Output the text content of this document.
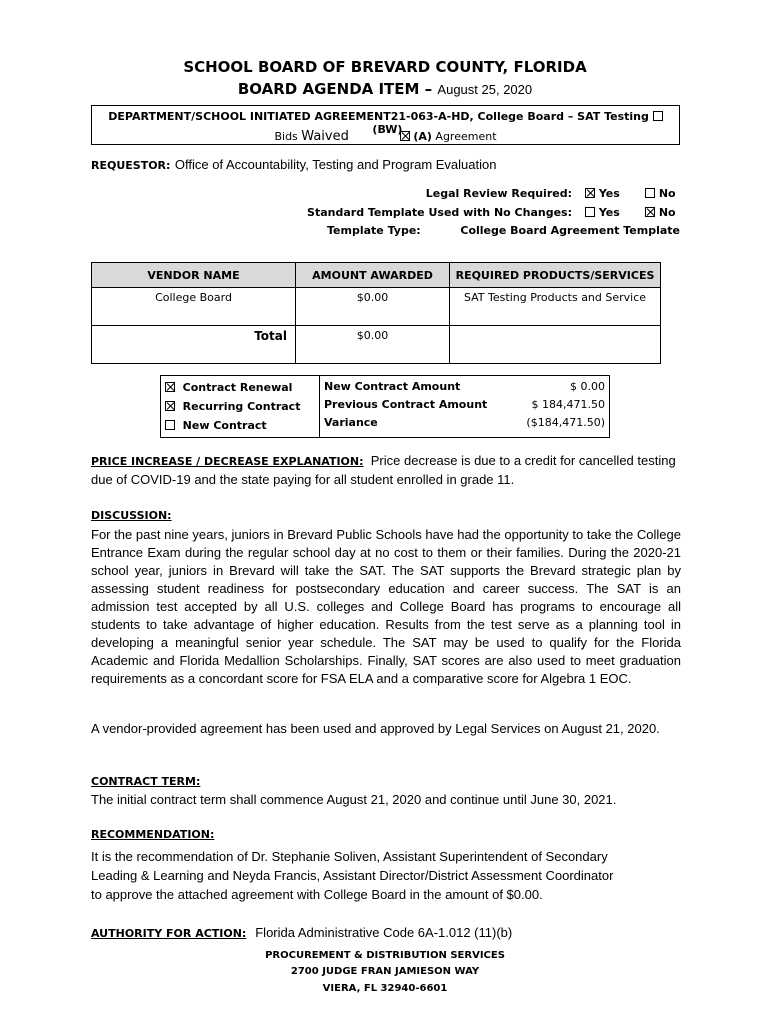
SCHOOL BOARD OF BREVARD COUNTY, FLORIDA
BOARD AGENDA ITEM – August 25, 2020
DEPARTMENT/SCHOOL INITIATED AGREEMENT21-063-A-HD, College Board – SAT Testing   (BW)
Bids Waived	(A) Agreement
REQUESTOR: Office of Accountability, Testing and Program Evaluation
Legal Review Required:	Yes	No
Standard Template Used with No Changes:	Yes	No
Template Type:	College Board Agreement Template
VENDOR NAME	AMOUNT AWARDED	REQUIRED PRODUCTS/SERVICES
College Board	$0.00	SAT Testing Products and Service
Total	$0.00	
Contract Renewal
Recurring Contract
New Contract

New Contract Amount	$ 0.00
Previous Contract Amount	$ 184,471.50
Variance	($184,471.50)
PRICE INCREASE / DECREASE EXPLANATION: Price decrease is due to a credit for cancelled testing
due of COVID-19 and the state paying for all student enrolled in grade 11.
DISCUSSION:
For the past nine years, juniors in Brevard Public Schools have had the opportunity to take the College Entrance Exam during the regular school day at no cost to them or their families. During the 2020-21 school year, juniors in Brevard will take the SAT. The SAT supports the Brevard strategic plan by assessing student readiness for postsecondary education and career success. The SAT is an admission test accepted by all U.S. colleges and College Board has programs to encourage all students to take advantage of higher education. Results from the test serve as a planning tool in developing a meaningful senior year schedule. The SAT may be used to qualify for the Florida Academic and Florida Medallion Scholarships. Finally, SAT scores are also used to meet graduation requirements as a concordant score for FSA ELA and a comparative score for Algebra 1 EOC.
A vendor-provided agreement has been used and approved by Legal Services on August 21, 2020.
CONTRACT TERM:
The initial contract term shall commence August 21, 2020 and continue until June 30, 2021.
RECOMMENDATION:
It is the recommendation of Dr. Stephanie Soliven, Assistant Superintendent of Secondary
Leading & Learning and Neyda Francis, Assistant Director/District Assessment Coordinator
to approve the attached agreement with College Board in the amount of $0.00.
AUTHORITY FOR ACTION: Florida Administrative Code 6A-1.012 (11)(b)
PROCUREMENT & DISTRIBUTION SERVICES
2700 JUDGE FRAN JAMIESON WAY
VIERA, FL 32940-6601
